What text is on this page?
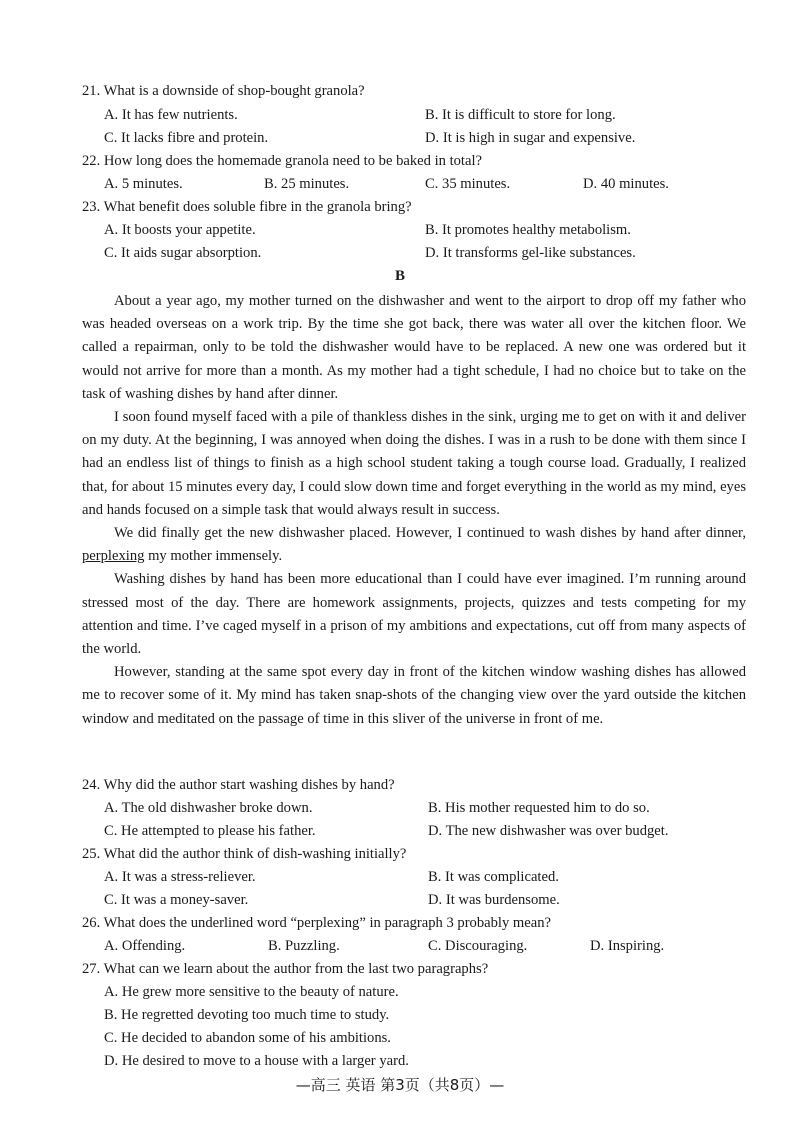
21. What is a downside of shop-bought granola?
A. It has few nutrients.	B. It is difficult to store for long.
C. It lacks fibre and protein.	D. It is high in sugar and expensive.
22. How long does the homemade granola need to be baked in total?
A. 5 minutes.	B. 25 minutes.	C. 35 minutes.	D. 40 minutes.
23. What benefit does soluble fibre in the granola bring?
A. It boosts your appetite.	B. It promotes healthy metabolism.
C. It aids sugar absorption.	D. It transforms gel-like substances.
B

About a year ago, my mother turned on the dishwasher and went to the airport to drop off my father who was headed overseas on a work trip. By the time she got back, there was water all over the kitchen floor. We called a repairman, only to be told the dishwasher would have to be replaced. A new one was ordered but it would not arrive for more than a month. As my mother had a tight schedule, I had no choice but to take on the task of washing dishes by hand after dinner.

I soon found myself faced with a pile of thankless dishes in the sink, urging me to get on with it and deliver on my duty. At the beginning, I was annoyed when doing the dishes. I was in a rush to be done with them since I had an endless list of things to finish as a high school student taking a tough course load. Gradually, I realized that, for about 15 minutes every day, I could slow down time and forget everything in the world as my mind, eyes and hands focused on a simple task that would always result in success.

We did finally get the new dishwasher placed. However, I continued to wash dishes by hand after dinner, perplexing my mother immensely.

Washing dishes by hand has been more educational than I could have ever imagined. I’m running around stressed most of the day. There are homework assignments, projects, quizzes and tests competing for my attention and time. I’ve caged myself in a prison of my ambitions and expectations, cut off from many aspects of the world.

However, standing at the same spot every day in front of the kitchen window washing dishes has allowed me to recover some of it. My mind has taken snap-shots of the changing view over the yard outside the kitchen window and meditated on the passage of time in this sliver of the universe in front of me.

24. Why did the author start washing dishes by hand?
A. The old dishwasher broke down.	B. His mother requested him to do so.
C. He attempted to please his father.	D. The new dishwasher was over budget.
25. What did the author think of dish-washing initially?
A. It was a stress-reliever.	B. It was complicated.
C. It was a money-saver.	D. It was burdensome.
26. What does the underlined word “perplexing” in paragraph 3 probably mean?
A. Offending.	B. Puzzling.	C. Discouraging.	D. Inspiring.
27. What can we learn about the author from the last two paragraphs?
A. He grew more sensitive to the beauty of nature.
B. He regretted devoting too much time to study.
C. He decided to abandon some of his ambitions.
D. He desired to move to a house with a larger yard.
—高三 英语 第3页（共8页）—
